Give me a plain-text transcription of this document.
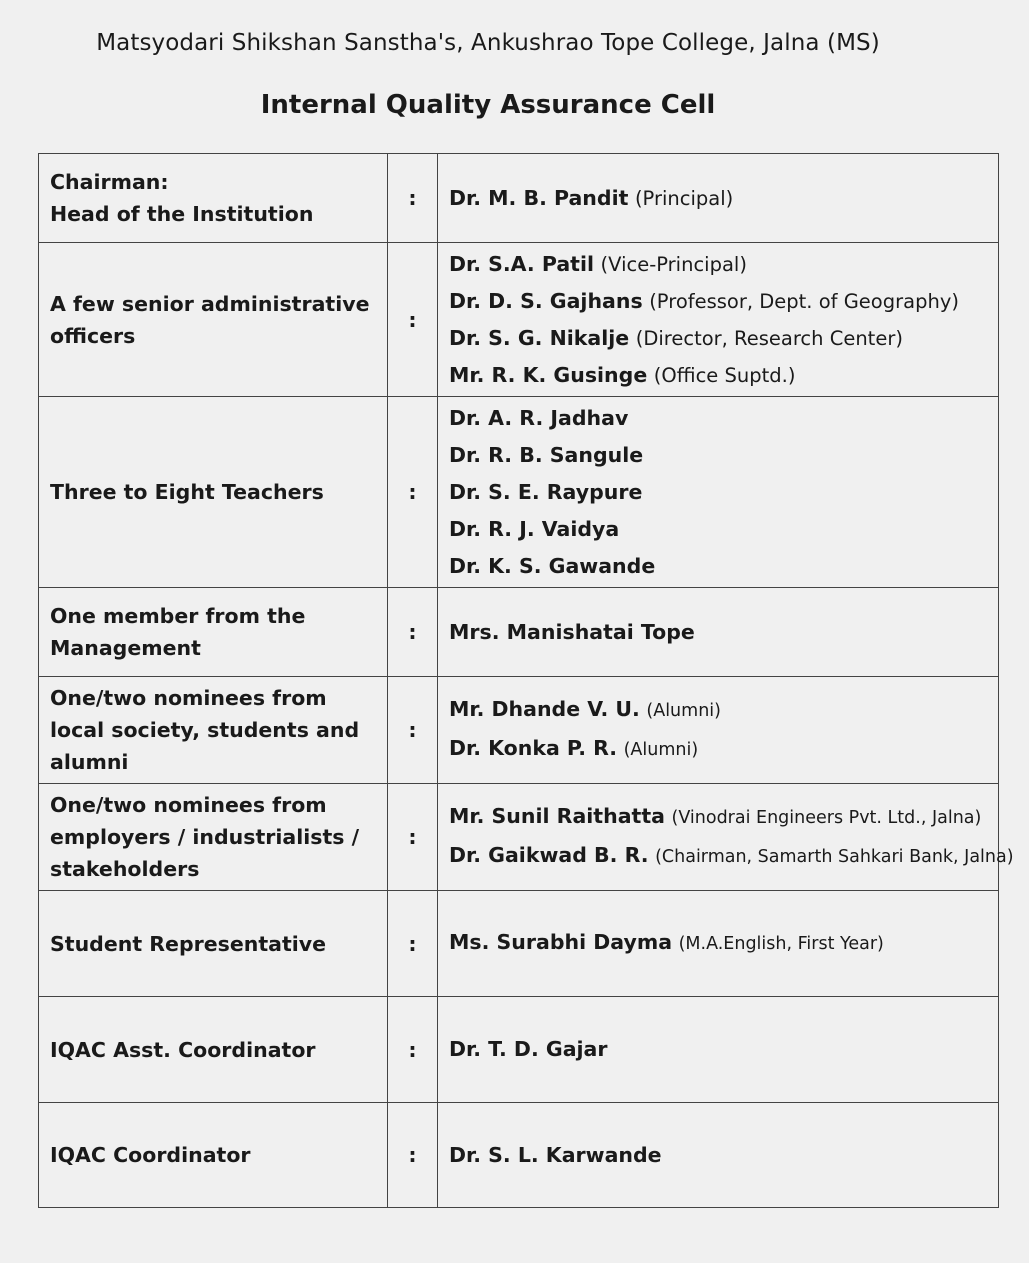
Matsyodari Shikshan Sanstha's, Ankushrao Tope College, Jalna (MS)
Internal Quality Assurance Cell
Chairman:
Head of the Institution	:	Dr. M. B. Pandit (Principal)

A few senior administrative
officers	:	Dr. S.A. Patil (Vice-Principal)
Dr. D. S. Gajhans (Professor, Dept. of Geography)
Dr. S. G. Nikalje (Director, Research Center)
Mr. R. K. Gusinge (Office Suptd.)

Three to Eight Teachers	:	Dr. A. R. Jadhav
Dr. R. B. Sangule
Dr. S. E. Raypure
Dr. R. J. Vaidya
Dr. K. S. Gawande

One member from the
Management	:	Mrs. Manishatai Tope

One/two nominees from
local society, students and
alumni	:	Mr. Dhande V. U. (Alumni)
Dr. Konka P. R. (Alumni)

One/two nominees from
employers / industrialists /
stakeholders	:	Mr. Sunil Raithatta (Vinodrai Engineers Pvt. Ltd., Jalna)
Dr. Gaikwad B. R. (Chairman, Samarth Sahkari Bank, Jalna)

Student Representative	:	Ms. Surabhi Dayma (M.A.English, First Year)

IQAC Asst. Coordinator	:	Dr. T. D. Gajar

IQAC Coordinator	:	Dr. S. L. Karwande
